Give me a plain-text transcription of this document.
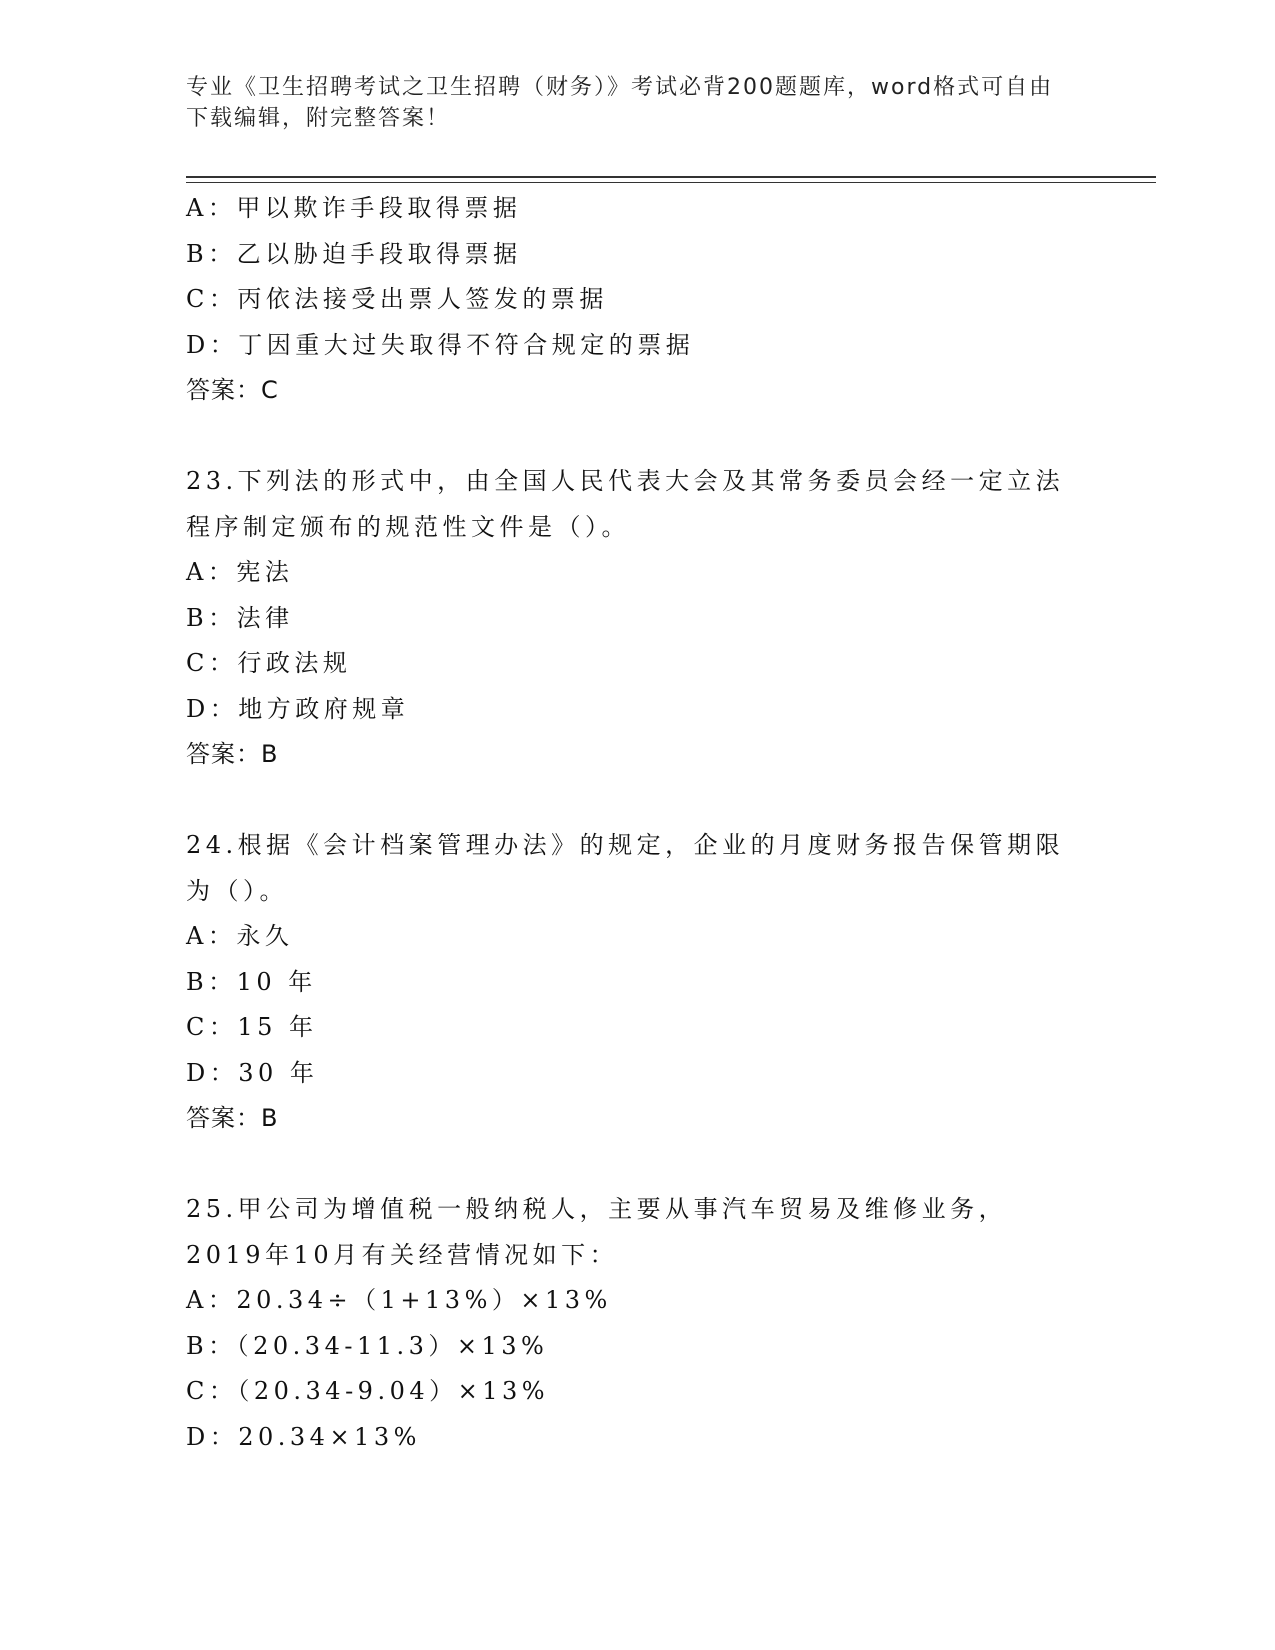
专业《卫生招聘考试之卫生招聘（财务）》考试必背200题题库，word格式可自由下载编辑，附完整答案！
A：甲以欺诈手段取得票据
B：乙以胁迫手段取得票据
C：丙依法接受出票人签发的票据
D：丁因重大过失取得不符合规定的票据
答案：C
23.下列法的形式中，由全国人民代表大会及其常务委员会经一定立法程序制定颁布的规范性文件是（）。
A：宪法
B：法律
C：行政法规
D：地方政府规章
答案：B
24.根据《会计档案管理办法》的规定，企业的月度财务报告保管期限为（）。
A：永久
B：10 年
C：15 年
D：30 年
答案：B
25.甲公司为增值税一般纳税人，主要从事汽车贸易及维修业务，2019年10月有关经营情况如下：
A：20.34÷（1+13%）×13%
B：（20.34-11.3）×13%
C：（20.34-9.04）×13%
D：20.34×13%
